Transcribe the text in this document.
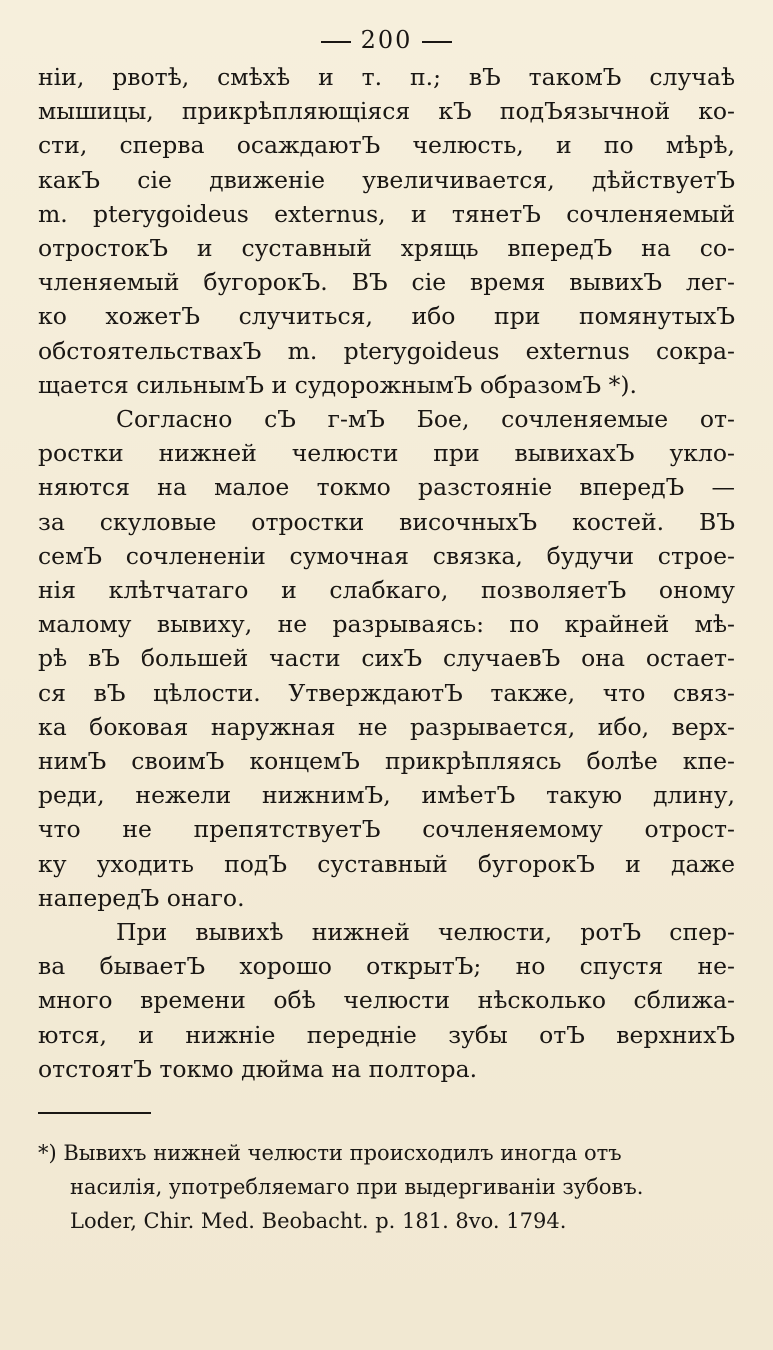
200
нiи, рвотѣ, смѣхѣ и т. п.; вЪ такомЪ случаѣ
мышицы, прикрѣпляющiяся кЪ подЪязычной ко-
сти, сперва осаждаютЪ челюсть, и по мѣрѣ,
какЪ сiе движенiе увеличивается, дѣйствуетЪ
m. pterygoideus externus, и тянетЪ сочленяемый
отростокЪ и суставный хрящь впередЪ на со-
членяемый бугорокЪ. ВЪ сiе время вывихЪ лег-
ко хожетЪ случиться, ибо при помянутыхЪ
обстоятельствахЪ m. pterygoideus externus сокра-
щается сильнымЪ и судорожнымЪ образомЪ *).
Согласно сЪ г-мЪ Бое, сочленяемые от-
ростки нижней челюсти при вывихахЪ укло-
няются на малое токмо разстоянiе впередЪ —
за скуловые отростки височныхЪ костей. ВЪ
семЪ сочлененiи сумочная связка, будучи строе-
нiя клѣтчатаго и слабкаго, позволяетЪ оному
малому вывиху, не разрываясь: по крайней мѣ-
рѣ вЪ большей части сихЪ случаевЪ она остает-
ся вЪ цѣлости. УтверждаютЪ также, что связ-
ка боковая наружная не разрывается, ибо, верх-
нимЪ своимЪ концемЪ прикрѣпляясь болѣе кпе-
реди, нежели нижнимЪ, имѣетЪ такую длину,
что не препятствуетЪ сочленяемому отрост-
ку уходить подЪ суставный бугорокЪ и даже
напередЪ онаго.
При вывихѣ нижней челюсти, ротЪ спер-
ва бываетЪ хорошо открытЪ; но спустя не-
много времени обѣ челюсти нѣсколько сближа-
ются, и нижнiе переднiе зубы отЪ верхнихЪ
отстоятЪ токмо дюйма на полтора.
*) Вывихъ нижней челюсти происходилъ иногда отъ
насилiя, употребляемаго при выдергиванiи зубовъ.
Loder, Chir. Med. Beobacht. p. 181. 8vo. 1794.
